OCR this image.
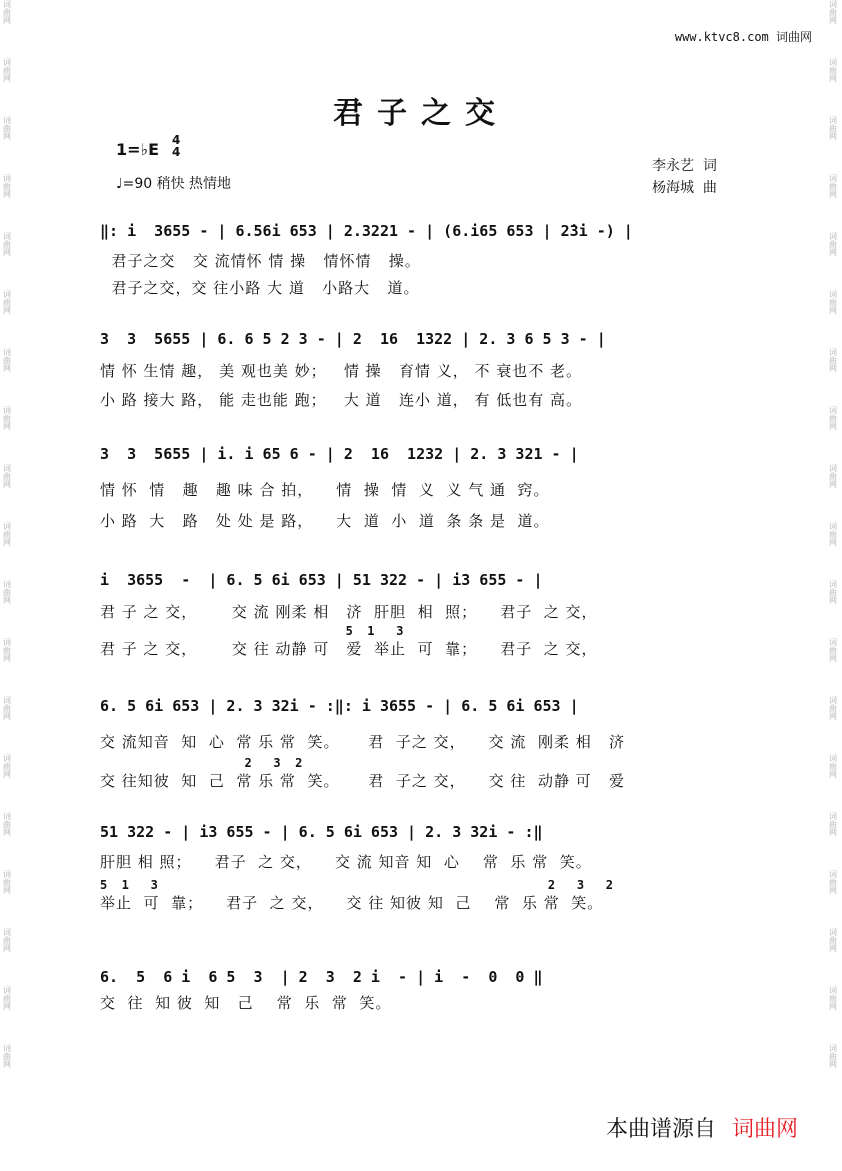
词曲网
词曲网
词曲网
词曲网
词曲网
词曲网
词曲网
词曲网
词曲网
词曲网
词曲网
词曲网
词曲网
词曲网
词曲网
词曲网
词曲网
词曲网
词曲网
词曲网
词曲网
词曲网
词曲网
词曲网
词曲网
词曲网
词曲网
词曲网
词曲网
词曲网
词曲网
词曲网
词曲网
词曲网
词曲网
词曲网
词曲网
词曲网
www.ktvc8.com 词曲网
君子之交
1=♭E 4
4
♩=90 稍快 热情地
李永艺  词
杨海城  曲
‖: i  3655 - | 6.56i 653 | 2.3221 - | (6.i65 653 | 2̇3̇i -) |
君子之交   交 流情怀 情 操   情怀情   操。
君子之交，交 往小路 大 道   小路大   道。
3  3  5655 | 6. 6 5 2 3 - | 2  16  1322 | 2. 3 6 5 3 - |
情 怀 生情 趣， 美 观也美 妙；   情 操   育情 义， 不 衰也不 老。
小 路 接大 路， 能 走也能 跑；   大 道   连小 道， 有 低也有 高。
3  3  5655 | i. i 65 6 - | 2  16  1232 | 2. 3 321 - |
情 怀  情   趣   趣 味 合 拍，    情  操  情  义  义 气 通  窍。
小 路  大   路   处 处 是 路，    大  道  小  道  条 条 是  道。
i  3655  -  | 6. 5 6i 653 | 51 322 - | i3 655 - |
君 子 之 交，      交 流 刚柔 相   济  肝胆  相  照；    君子  之 交，
5  1   3
君 子 之 交，      交 往 动静 可   爱  举止  可  靠；    君子  之 交，
6. 5 6i 653 | 2. 3 32i - :‖: i 3655 - | 6. 5 6i 653 |
交 流知音  知  心  常 乐 常  笑。     君  子之 交，    交 流  刚柔 相   济
2   3  2
交 往知彼  知  己  常 乐 常  笑。     君  子之 交，    交 往  动静 可   爱
51 322 - | i3 655 - | 6. 5 6i 653 | 2. 3 32i - :‖
肝胆 相 照；    君子  之 交，    交 流 知音 知  心    常  乐 常  笑。
5  1   3                                                      2   3   2
举止  可  靠；    君子  之 交，    交 往 知彼 知  己    常  乐 常  笑。
6.  5  6 i  6 5  3  | 2  3  2 i  - | i  -  0  0 ‖
交  往  知 彼  知   己    常  乐  常  笑。
本曲谱源自 词曲网
